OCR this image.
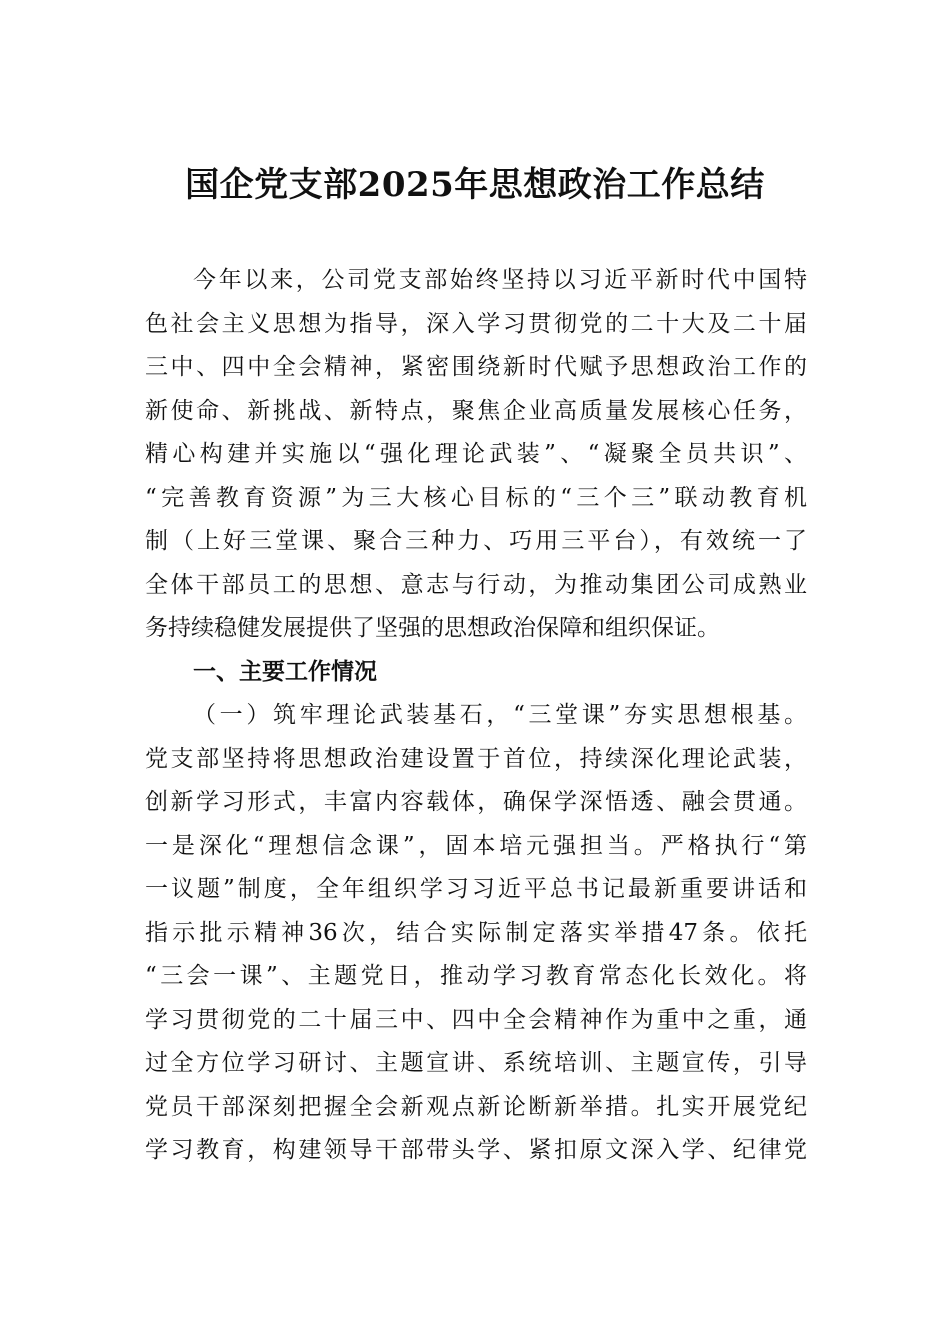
国企党支部2025年思想政治工作总结
今年以来，公司党支部始终坚持以习近平新时代中国特
色社会主义思想为指导，深入学习贯彻党的二十大及二十届
三中、四中全会精神，紧密围绕新时代赋予思想政治工作的
新使命、新挑战、新特点，聚焦企业高质量发展核心任务，
精心构建并实施以“强化理论武装”、“凝聚全员共识”、
“完善教育资源”为三大核心目标的“三个三”联动教育机
制（上好三堂课、聚合三种力、巧用三平台），有效统一了
全体干部员工的思想、意志与行动，为推动集团公司成熟业
务持续稳健发展提供了坚强的思想政治保障和组织保证。
一、主要工作情况
（一）筑牢理论武装基石，“三堂课”夯实思想根基。
党支部坚持将思想政治建设置于首位，持续深化理论武装，
创新学习形式，丰富内容载体，确保学深悟透、融会贯通。
一是深化“理想信念课”，固本培元强担当。严格执行“第
一议题”制度，全年组织学习习近平总书记最新重要讲话和
指示批示精神36次，结合实际制定落实举措47条。依托
“三会一课”、主题党日，推动学习教育常态化长效化。将
学习贯彻党的二十届三中、四中全会精神作为重中之重，通
过全方位学习研讨、主题宣讲、系统培训、主题宣传，引导
党员干部深刻把握全会新观点新论断新举措。扎实开展党纪
学习教育，构建领导干部带头学、紧扣原文深入学、纪律党
